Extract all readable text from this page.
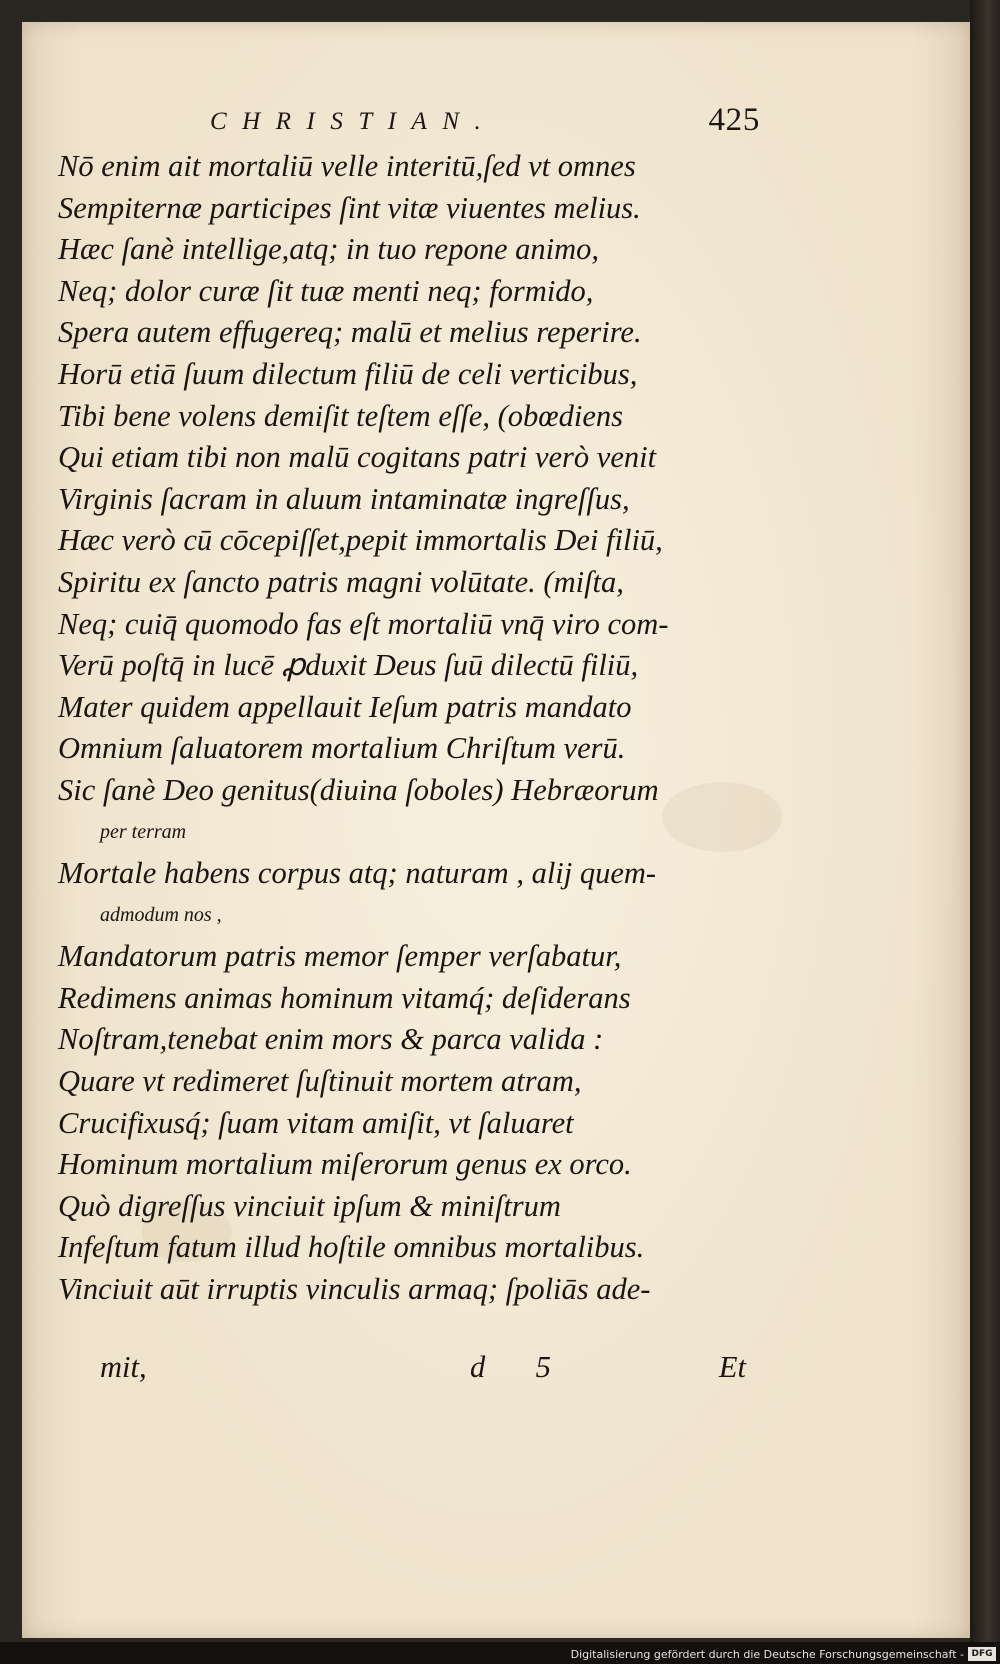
CHRISTIAN.	425
Nō enim ait mortaliū velle interitū,ſed vt omnes
Sempiternæ participes ſint vitæ viuentes melius.
Hæc ſanè intellige,atq; in tuo repone animo,
Neq; dolor curæ ſit tuæ menti neq; formido,
Spera autem effugereq; malū et melius reperire.
Horū etiā ſuum dilectum filiū de celi verticibus,
Tibi bene volens demiſit teſtem eſſe, (obœdiens
Qui etiam tibi non malū cogitans patri verò venit
Virginis ſacram in aluum intaminatæ ingreſſus,
Hæc verò cū cōcepiſſet,pepit immortalis Dei filiū,
Spiritu ex ſancto patris magni volūtate. (miſta,
Neq; cuiq̄ quomodo fas eſt mortaliū vnq̄ viro com-
Verū poſtq̄ in lucē ꝓduxit Deus ſuū dilectū filiū,
Mater quidem appellauit Ieſum patris mandato
Omnium ſaluatorem mortalium Chriſtum verū.
Sic ſanè Deo genitus(diuina ſoboles) Hebræorum
per terram
Mortale habens corpus atq; naturam , alij quem-
admodum nos ,
Mandatorum patris memor ſemper verſabatur,
Redimens animas hominum vitamq́; deſiderans
Noſtram,tenebat enim mors & parca valida :
Quare vt redimeret ſuſtinuit mortem atram,
Crucifixusq́; ſuam vitam amiſit, vt ſaluaret
Hominum mortalium miſerorum genus ex orco.
Quò digreſſus vinciuit ipſum & miniſtrum
Infeſtum fatum illud hoſtile omnibus mortalibus.
Vinciuit aūt irruptis vinculis armaq; ſpoliās ade-
mit,	d 5	Et
Digitalisierung gefördert durch die Deutsche Forschungsgemeinschaft - DFG
